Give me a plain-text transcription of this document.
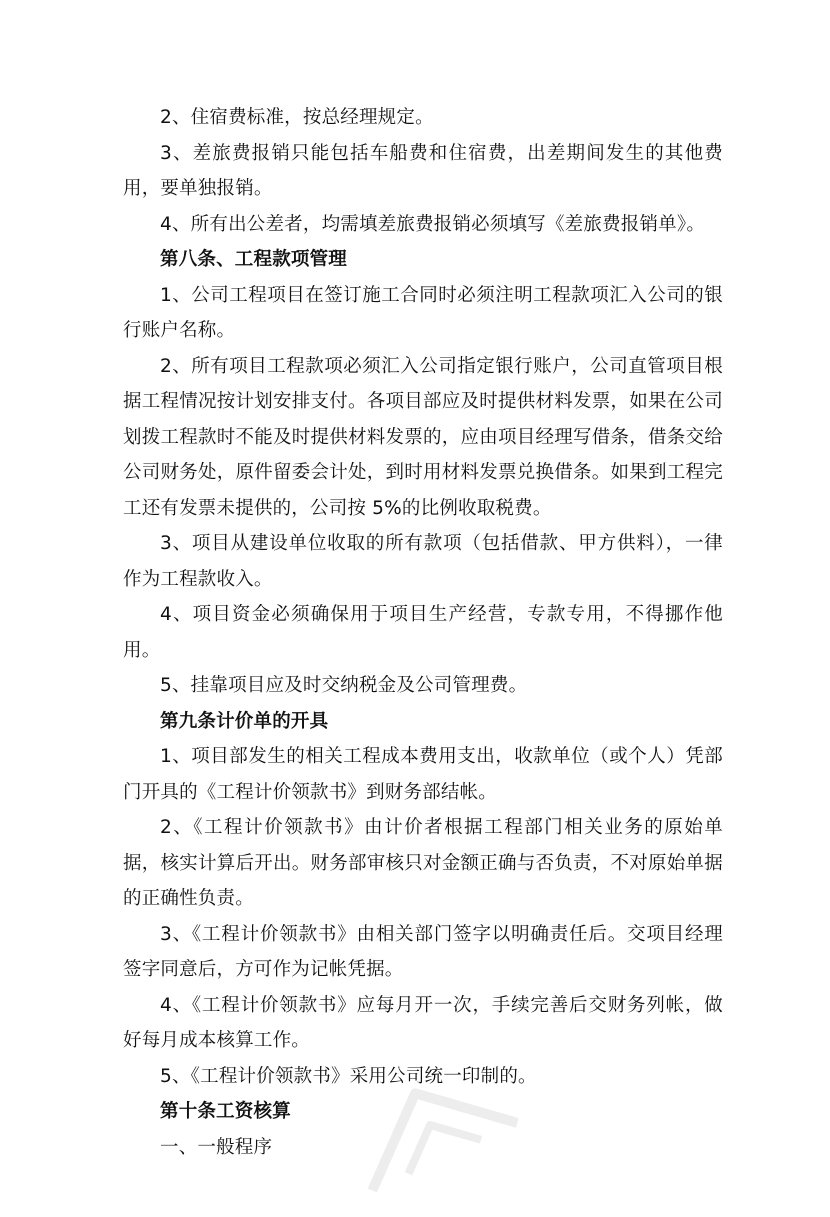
2、住宿费标准，按总经理规定。

3、差旅费报销只能包括车船费和住宿费，出差期间发生的其他费用，要单独报销。

4、所有出公差者，均需填差旅费报销必须填写《差旅费报销单》。

第八条、工程款项管理

1、公司工程项目在签订施工合同时必须注明工程款项汇入公司的银行账户名称。

2、所有项目工程款项必须汇入公司指定银行账户，公司直管项目根据工程情况按计划安排支付。各项目部应及时提供材料发票，如果在公司划拨工程款时不能及时提供材料发票的，应由项目经理写借条，借条交给公司财务处，原件留委会计处，到时用材料发票兑换借条。如果到工程完工还有发票未提供的，公司按 5%的比例收取税费。

3、项目从建设单位收取的所有款项（包括借款、甲方供料），一律作为工程款收入。

4、项目资金必须确保用于项目生产经营，专款专用，不得挪作他用。

5、挂靠项目应及时交纳税金及公司管理费。

第九条计价单的开具

1、项目部发生的相关工程成本费用支出，收款单位（或个人）凭部门开具的《工程计价领款书》到财务部结帐。

2、《工程计价领款书》由计价者根据工程部门相关业务的原始单据，核实计算后开出。财务部审核只对金额正确与否负责，不对原始单据的正确性负责。

3、《工程计价领款书》由相关部门签字以明确责任后。交项目经理签字同意后，方可作为记帐凭据。

4、《工程计价领款书》应每月开一次，手续完善后交财务列帐，做好每月成本核算工作。

5、《工程计价领款书》采用公司统一印制的。

第十条工资核算

一、一般程序
